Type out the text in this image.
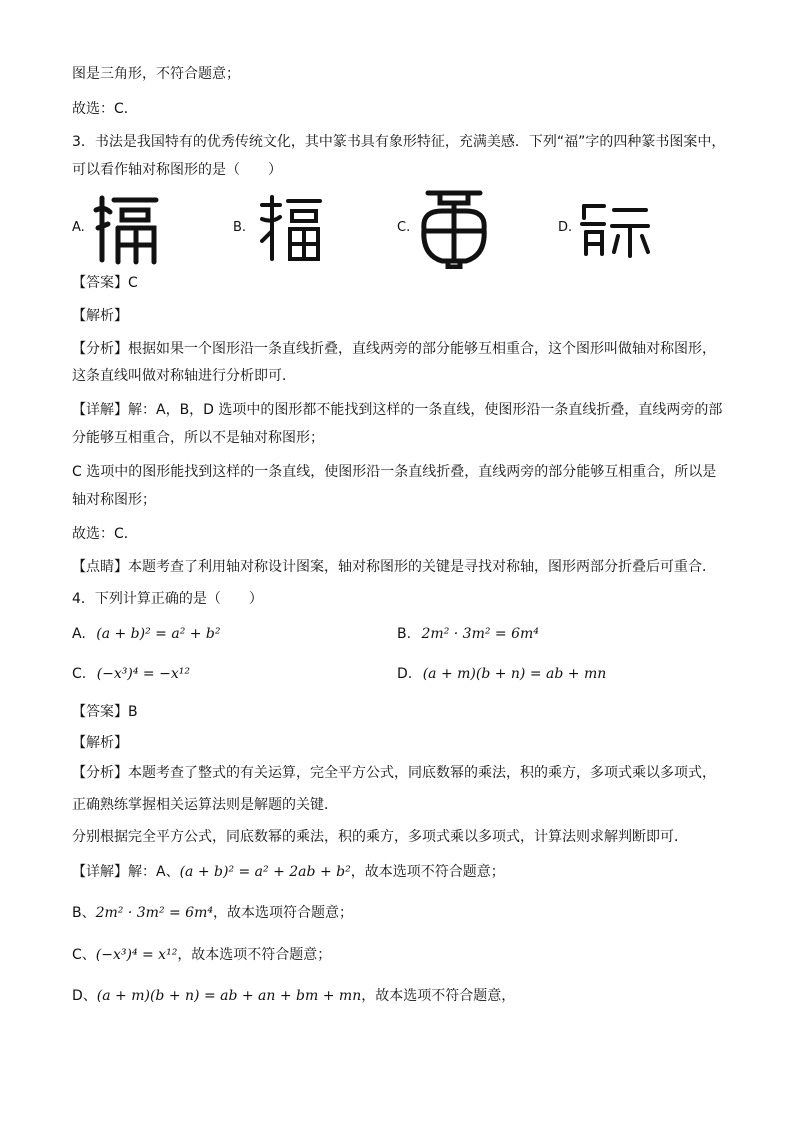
图是三角形，不符合题意；
故选：C．
3．书法是我国特有的优秀传统文化，其中篆书具有象形特征，充满美感．下列“福”字的四种篆书图案中，
可以看作轴对称图形的是（　　）
A.	B.	C.	D.
【答案】C
【解析】
【分析】根据如果一个图形沿一条直线折叠，直线两旁的部分能够互相重合，这个图形叫做轴对称图形，
这条直线叫做对称轴进行分析即可．
【详解】解：A，B，D 选项中的图形都不能找到这样的一条直线，使图形沿一条直线折叠，直线两旁的部
分能够互相重合，所以不是轴对称图形；
C 选项中的图形能找到这样的一条直线，使图形沿一条直线折叠，直线两旁的部分能够互相重合，所以是
轴对称图形；
故选：C．
【点睛】本题考查了利用轴对称设计图案，轴对称图形的关键是寻找对称轴，图形两部分折叠后可重合．
4．下列计算正确的是（　　）
A. (a + b)² = a² + b²	B. 2m² · 3m² = 6m⁴
C. (−x³)⁴ = −x¹²	D. (a + m)(b + n) = ab + mn
【答案】B
【解析】
【分析】本题考查了整式的有关运算，完全平方公式，同底数幂的乘法，积的乘方，多项式乘以多项式，
正确熟练掌握相关运算法则是解题的关键．
分别根据完全平方公式，同底数幂的乘法，积的乘方，多项式乘以多项式，计算法则求解判断即可．
【详解】解：A、(a + b)² = a² + 2ab + b²，故本选项不符合题意；
B、2m² · 3m² = 6m⁴，故本选项符合题意；
C、(−x³)⁴ = x¹²，故本选项不符合题意；
D、(a + m)(b + n) = ab + an + bm + mn，故本选项不符合题意，
